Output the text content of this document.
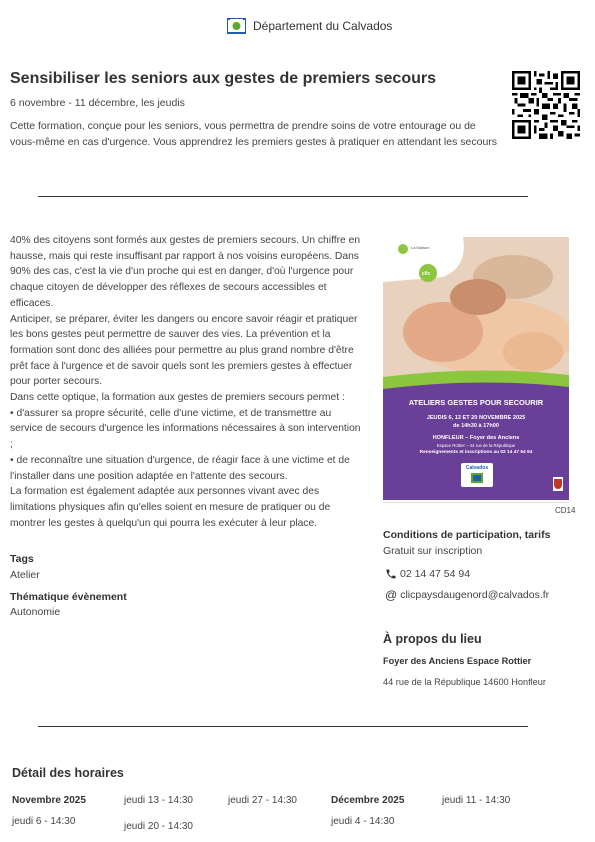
Département du Calvados
Sensibiliser les seniors aux gestes de premiers secours
6 novembre - 11 décembre, les jeudis
Cette formation, conçue pour les seniors, vous permettra de prendre soins de votre entourage ou de vous-même en cas d'urgence. Vous apprendrez les premiers gestes à pratiquer en attendant les secours

40% des citoyens sont formés aux gestes de premiers secours. Un chiffre en hausse, mais qui reste insuffisant par rapport à nos voisins européens. Dans 90% des cas, c'est la vie d'un proche qui est en danger, d'où l'urgence pour chaque citoyen de développer des réflexes de secours accessibles et efficaces.

Anticiper, se préparer, éviter les dangers ou encore savoir réagir et pratiquer les bons gestes peut permettre de sauver des vies. La prévention et la formation sont donc des alliées pour permettre au plus grand nombre d'être prêt face à l'urgence et de savoir quels sont les premiers gestes à effectuer pour porter secours.

Dans cette optique, la formation aux gestes de premiers secours permet :

• d'assurer sa propre sécurité, celle d'une victime, et de transmettre au service de secours d'urgence les informations nécessaires à son intervention ;

• de reconnaître une situation d'urgence, de réagir face à une victime et de l'installer dans une position adaptée en l'attente des secours.

La formation est également adaptée aux personnes vivant avec des limitations physiques afin qu'elles soient en mesure de pratiquer ou de montrer les gestes à quelqu'un qui pourra les exécuter à leur place.

Tags
Atelier
Thématique évènement
Autonomie
La Maison
clic
ATELIERS GESTES POUR SECOURIR
JEUDIS 6, 13 ET 20 NOVEMBRE 2025
de 14h30 à 17h00
HONFLEUR – Foyer des Anciens
Espace Rottier – 44 rue de la République
Renseignements et inscriptions au 02 14 47 54 94
Calvados
CD14
Conditions de participation, tarifs
Gratuit sur inscription
02 14 47 54 94
@ clicpaysdaugenord@calvados.fr
À propos du lieu
Foyer des Anciens Espace Rottier
44 rue de la République 14600 Honfleur
Détail des horaires
Novembre 2025
jeudi 6 - 14:30
jeudi 13 - 14:30
jeudi 20 - 14:30
jeudi 27 - 14:30	Décembre 2025
jeudi 4 - 14:30
jeudi 11 - 14:30
